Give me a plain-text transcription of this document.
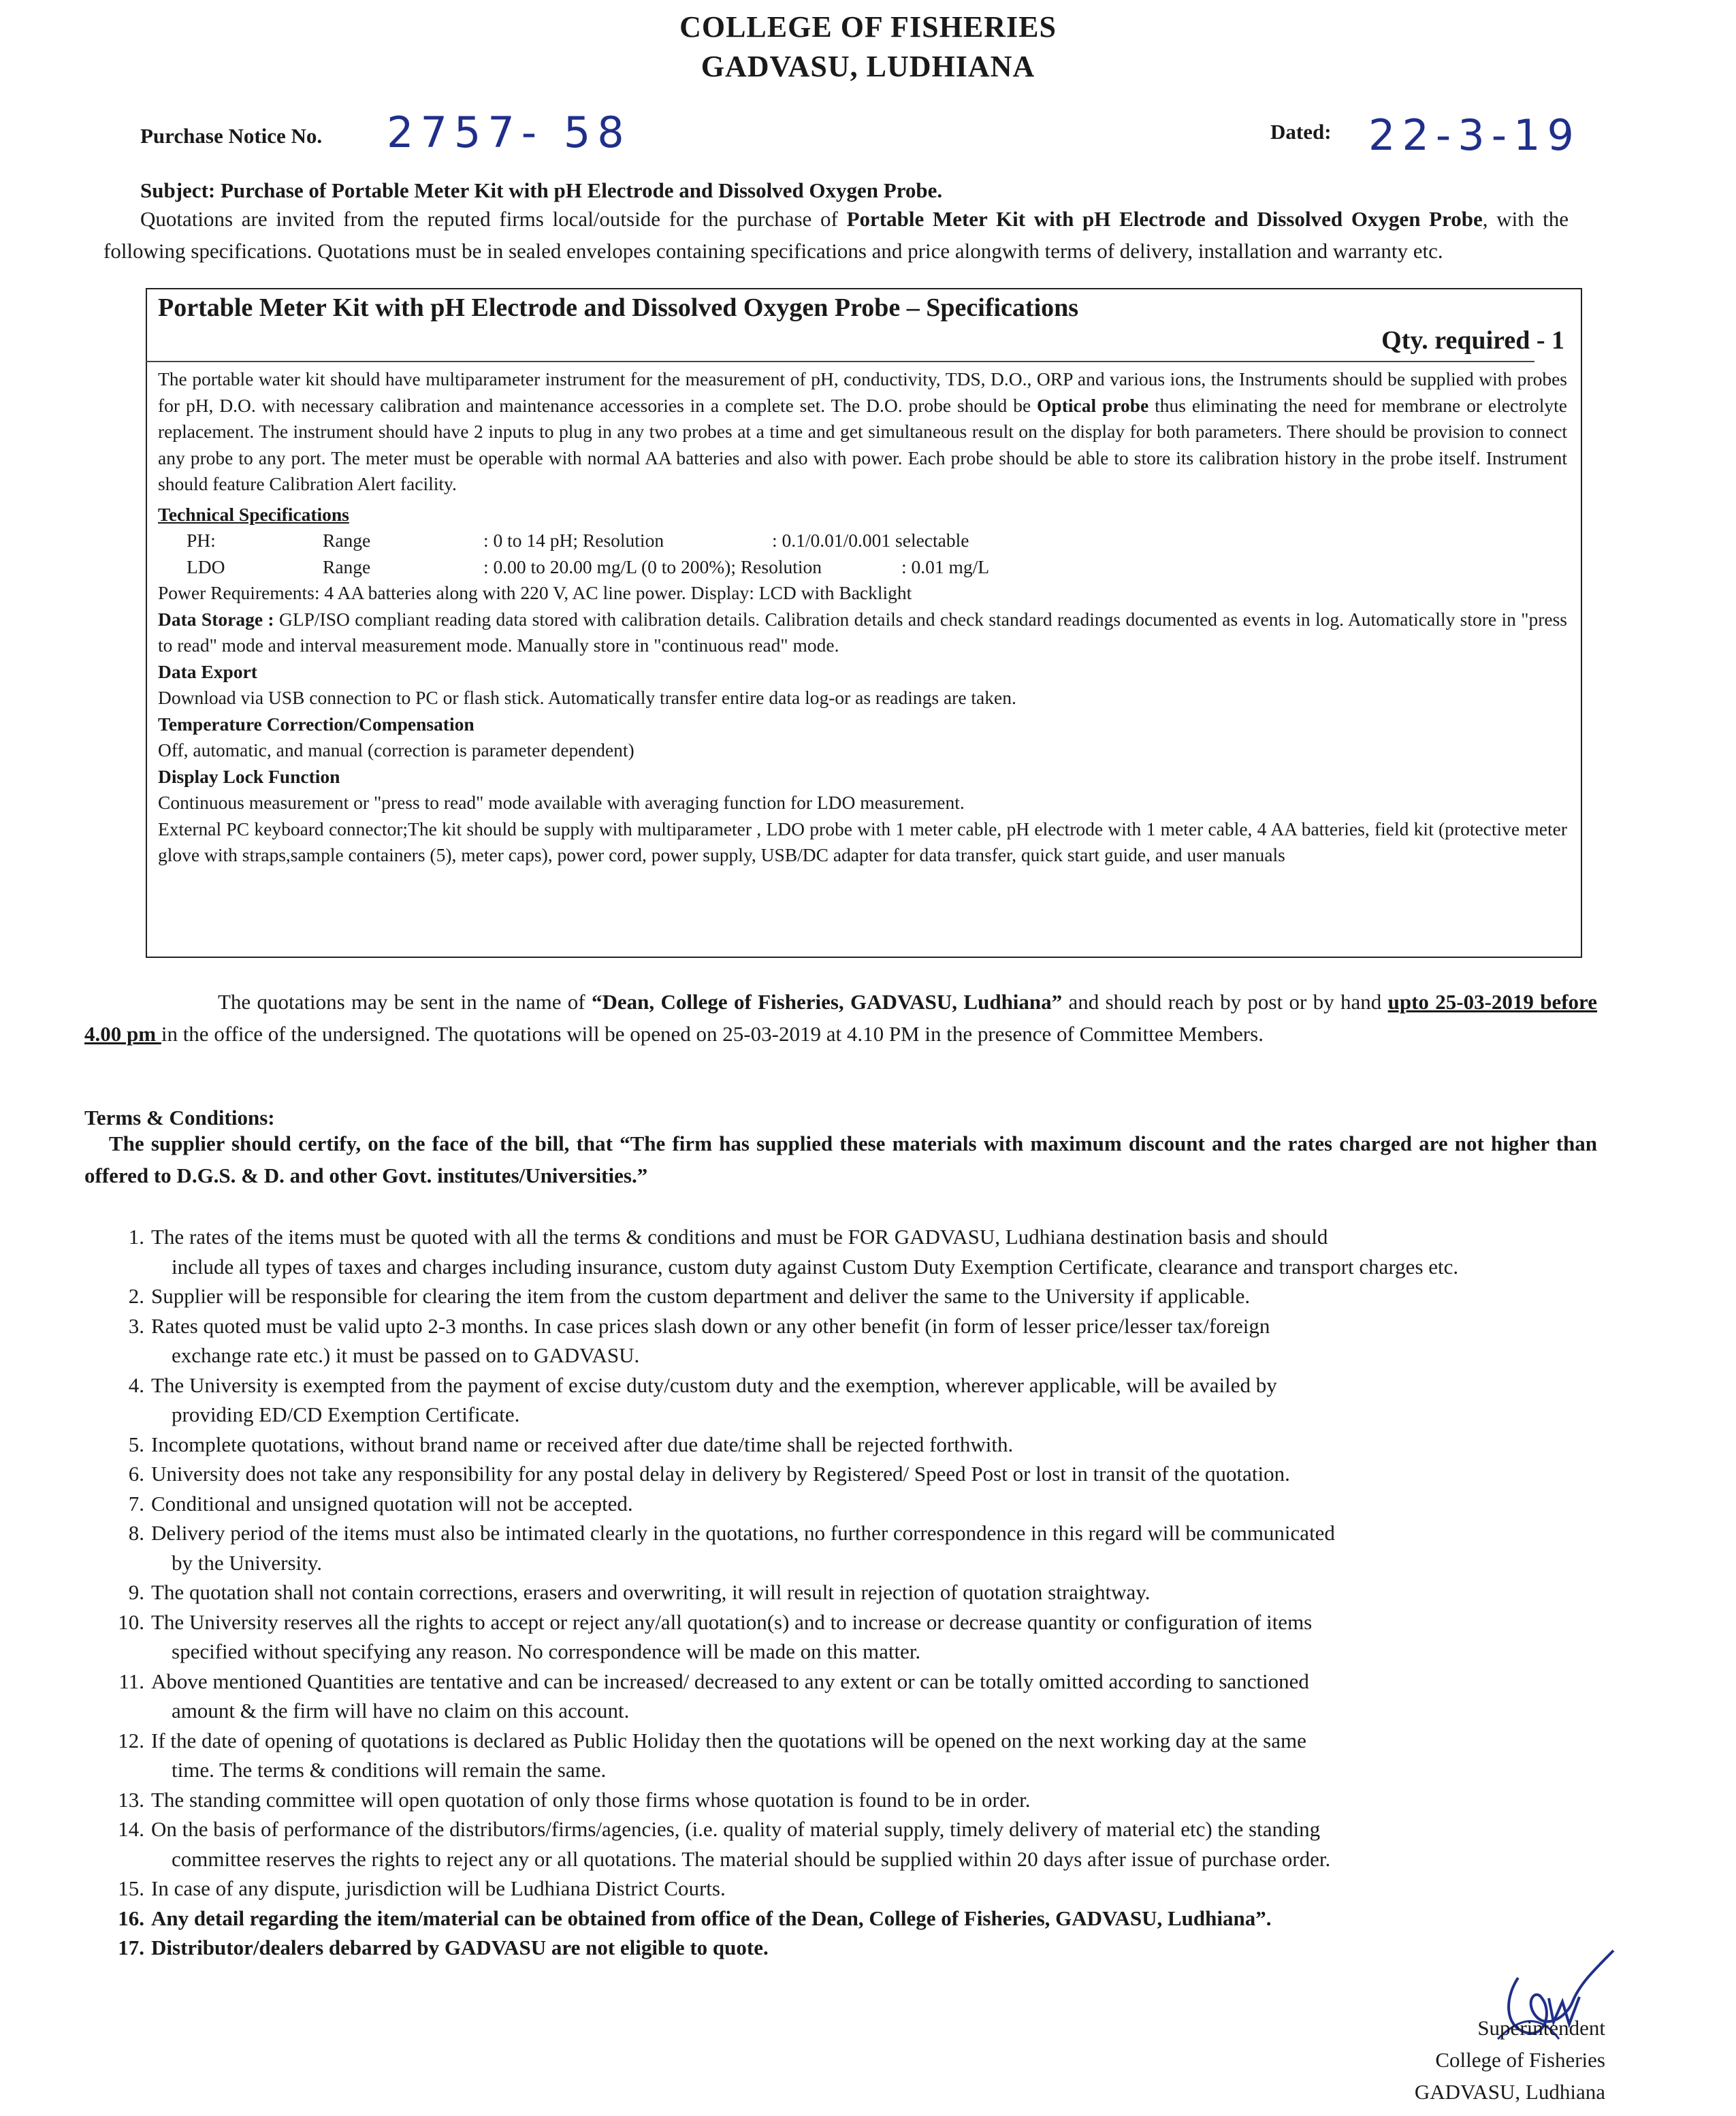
COLLEGE OF FISHERIES
GADVASU, LUDHIANA
Purchase Notice No. 2757- 58	Dated: 22-3-19
Subject: Purchase of Portable Meter Kit with pH Electrode and Dissolved Oxygen Probe.
Quotations are invited from the reputed firms local/outside for the purchase of Portable Meter Kit with pH Electrode and Dissolved Oxygen Probe, with the following specifications. Quotations must be in sealed envelopes containing specifications and price alongwith terms of delivery, installation and warranty etc.
Portable Meter Kit with pH Electrode and Dissolved Oxygen Probe – Specifications
Qty. required - 1

The portable water kit should have multiparameter instrument for the measurement of pH, conductivity, TDS, D.O., ORP and various ions, the Instruments should be supplied with probes for pH, D.O. with necessary calibration and maintenance accessories in a complete set. The D.O. probe should be Optical probe thus eliminating the need for membrane or electrolyte replacement. The instrument should have 2 inputs to plug in any two probes at a time and get simultaneous result on the display for both parameters. There should be provision to connect any probe to any port. The meter must be operable with normal AA batteries and also with power. Each probe should be able to store its calibration history in the probe itself. Instrument should feature Calibration Alert facility.

Technical Specifications

PH:	Range	: 0 to 14 pH; Resolution	: 0.1/0.01/0.001 selectable
LDO	Range	: 0.00 to 20.00 mg/L (0 to 200%); Resolution	: 0.01 mg/L

Power Requirements: 4 AA batteries along with 220 V, AC line power. Display: LCD with Backlight

Data Storage : GLP/ISO compliant reading data stored with calibration details. Calibration details and check standard readings documented as events in log. Automatically store in "press to read" mode and interval measurement mode. Manually store in "continuous read" mode.

Data Export

Download via USB connection to PC or flash stick. Automatically transfer entire data log-or as readings are taken.

Temperature Correction/Compensation

Off, automatic, and manual (correction is parameter dependent)

Display Lock Function

Continuous measurement or "press to read" mode available with averaging function for LDO measurement.

External PC keyboard connector;The kit should be supply with multiparameter , LDO probe with 1 meter cable, pH electrode with 1 meter cable, 4 AA batteries, field kit (protective meter glove with straps,sample containers (5), meter caps), power cord, power supply, USB/DC adapter for data transfer, quick start guide, and user manuals

The quotations may be sent in the name of “Dean, College of Fisheries, GADVASU, Ludhiana” and should reach by post or by hand upto 25-03-2019 before 4.00 pm in the office of the undersigned. The quotations will be opened on 25-03-2019 at 4.10 PM in the presence of Committee Members.
Terms & Conditions:
The supplier should certify, on the face of the bill, that “The firm has supplied these materials with maximum discount and the rates charged are not higher than offered to D.G.S. & D. and other Govt. institutes/Universities.”
1. The rates of the items must be quoted with all the terms & conditions and must be FOR GADVASU, Ludhiana destination basis and should
include all types of taxes and charges including insurance, custom duty against Custom Duty Exemption Certificate, clearance and transport charges etc.
2. Supplier will be responsible for clearing the item from the custom department and deliver the same to the University if applicable.
3. Rates quoted must be valid upto 2-3 months. In case prices slash down or any other benefit (in form of lesser price/lesser tax/foreign
exchange rate etc.) it must be passed on to GADVASU.
4. The University is exempted from the payment of excise duty/custom duty and the exemption, wherever applicable, will be availed by
providing ED/CD Exemption Certificate.
5. Incomplete quotations, without brand name or received after due date/time shall be rejected forthwith.
6. University does not take any responsibility for any postal delay in delivery by Registered/ Speed Post or lost in transit of the quotation.
7. Conditional and unsigned quotation will not be accepted.
8. Delivery period of the items must also be intimated clearly in the quotations, no further correspondence in this regard will be communicated
by the University.
9. The quotation shall not contain corrections, erasers and overwriting, it will result in rejection of quotation straightway.
10. The University reserves all the rights to accept or reject any/all quotation(s) and to increase or decrease quantity or configuration of items
specified without specifying any reason. No correspondence will be made on this matter.
11. Above mentioned Quantities are tentative and can be increased/ decreased to any extent or can be totally omitted according to sanctioned
amount & the firm will have no claim on this account.
12. If the date of opening of quotations is declared as Public Holiday then the quotations will be opened on the next working day at the same
time. The terms & conditions will remain the same.
13. The standing committee will open quotation of only those firms whose quotation is found to be in order.
14. On the basis of performance of the distributors/firms/agencies, (i.e. quality of material supply, timely delivery of material etc) the standing
committee reserves the rights to reject any or all quotations. The material should be supplied within 20 days after issue of purchase order.
15. In case of any dispute, jurisdiction will be Ludhiana District Courts.
16. Any detail regarding the item/material can be obtained from office of the Dean, College of Fisheries, GADVASU, Ludhiana”.
17. Distributor/dealers debarred by GADVASU are not eligible to quote.
Superintendent
College of Fisheries
GADVASU, Ludhiana
